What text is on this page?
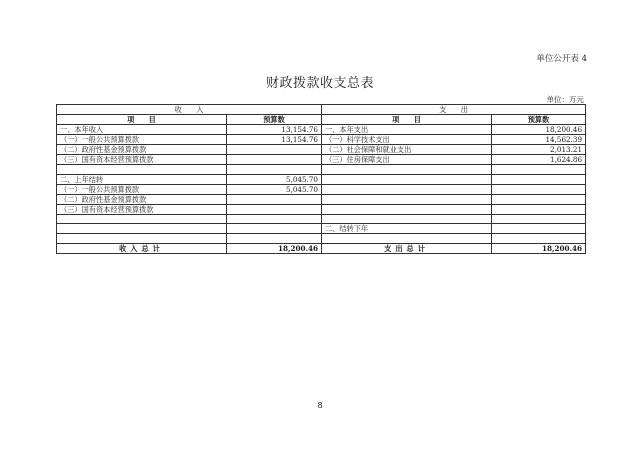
单位公开表 4
财政拨款收支总表
单位：万元
收　　入		支　　出	
项　　目	预算数	项　　目	预算数
一、本年收入	13,154.76	一、本年支出	18,200.46
（一）一般公共预算拨款	13,154.76	（一）科学技术支出	14,562.39
（二）政府性基金预算拨款		（二）社会保障和就业支出	2,013.21
（三）国有资本经营预算拨款		（三）住房保障支出	1,624.86

二、上年结转	5,045.70		
（一）一般公共预算拨款	5,045.70		
（二）政府性基金预算拨款			
（三）国有资本经营预算拨款			

		二、结转下年	

收入总计	18,200.46	支出总计	18,200.46
8
